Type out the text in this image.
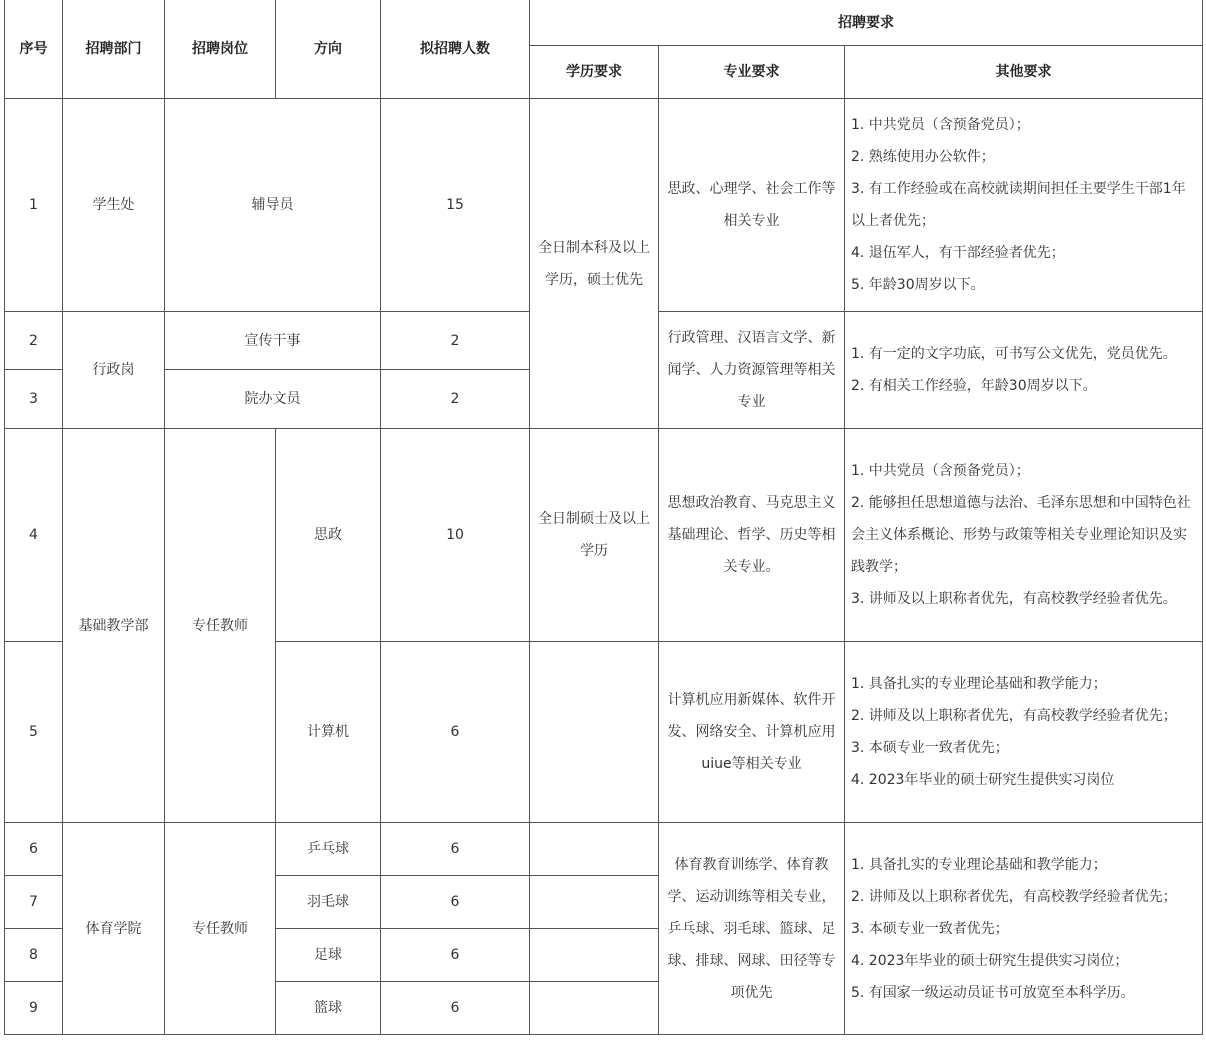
序号	招聘部门	招聘岗位	方向	拟招聘人数	招聘要求		
					学历要求	专业要求	其他要求
1	学生处	辅导员		15	全日制本科及以上学历，硕士优先	思政、心理学、社会工作等相关专业	1. 中共党员（含预备党员）；
2. 熟练使用办公软件；
3. 有工作经验或在高校就读期间担任主要学生干部1年以上者优先；
4. 退伍军人，有干部经验者优先；
5. 年龄30周岁以下。

2	行政岗	宣传干事		2		行政管理、汉语言文学、新闻学、人力资源管理等相关专业	1. 有一定的文字功底，可书写公文优先，党员优先。
2. 有相关工作经验，年龄30周岁以下。

3		院办文员		2			
4	基础教学部	专任教师	思政	10	全日制硕士及以上学历	思想政治教育、马克思主义基础理论、哲学、历史等相关专业。	1. 中共党员（含预备党员）；
2. 能够担任思想道德与法治、毛泽东思想和中国特色社会主义体系概论、形势与政策等相关专业理论知识及实践教学；
3. 讲师及以上职称者优先，有高校教学经验者优先。

5			计算机	6		计算机应用新媒体、软件开发、网络安全、计算机应用uiue等相关专业	1. 具备扎实的专业理论基础和教学能力；
2. 讲师及以上职称者优先，有高校教学经验者优先；
3. 本硕专业一致者优先；
4. 2023年毕业的硕士研究生提供实习岗位

6	体育学院	专任教师	乒乓球	6		体育教育训练学、体育教学、运动训练等相关专业，乒乓球、羽毛球、篮球、足球、排球、网球、田径等专项优先	1. 具备扎实的专业理论基础和教学能力；
2. 讲师及以上职称者优先，有高校教学经验者优先；
3. 本硕专业一致者优先；
4. 2023年毕业的硕士研究生提供实习岗位；
5. 有国家一级运动员证书可放宽至本科学历。

7			羽毛球	6			
8			足球	6			
9			篮球	6			
